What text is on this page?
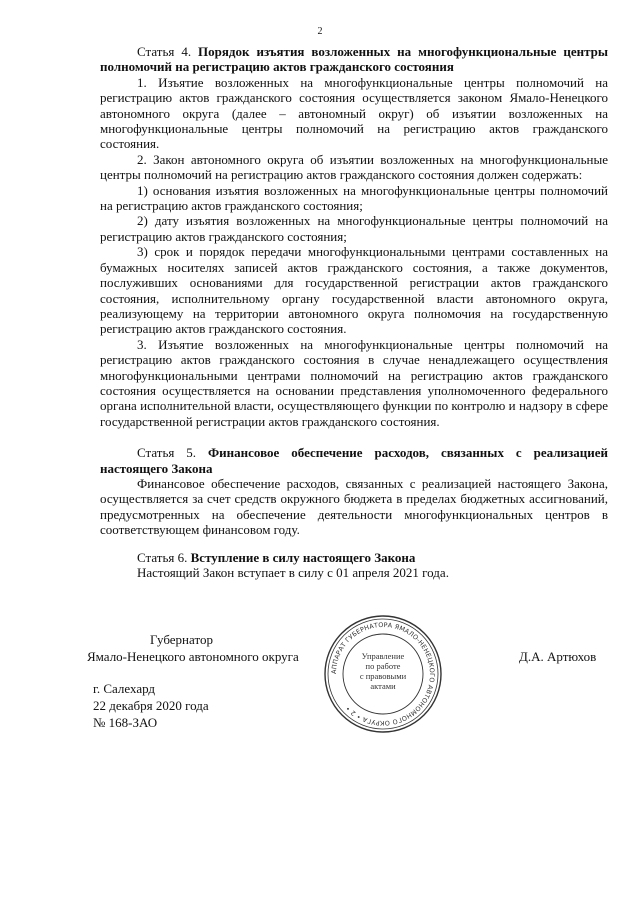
2

Статья 4. Порядок изъятия возложенных на многофункциональные центры полномочий на регистрацию актов гражданского состояния

1. Изъятие возложенных на многофункциональные центры полномочий на регистрацию актов гражданского состояния осуществляется законом Ямало-Ненецкого автономного округа (далее – автономный округ) об изъятии возложенных на многофункциональные центры полномочий на регистрацию актов гражданского состояния.

2. Закон автономного округа об изъятии возложенных на многофункциональные центры полномочий на регистрацию актов гражданского состояния должен содержать:

1) основания изъятия возложенных на многофункциональные центры полномочий на регистрацию актов гражданского состояния;

2) дату изъятия возложенных на многофункциональные центры полномочий на регистрацию актов гражданского состояния;

3) срок и порядок передачи многофункциональными центрами составленных на бумажных носителях записей актов гражданского состояния, а также документов, послуживших основаниями для государственной регистрации актов гражданского состояния, исполнительному органу государственной власти автономного округа, реализующему на территории автономного округа полномочия на государственную регистрацию актов гражданского состояния.

3. Изъятие возложенных на многофункциональные центры полномочий на регистрацию актов гражданского состояния в случае ненадлежащего осуществления многофункциональными центрами полномочий на регистрацию актов гражданского состояния осуществляется на основании представления уполномоченного федерального органа исполнительной власти, осуществляющего функции по контролю и надзору в сфере государственной регистрации актов гражданского состояния.

Статья 5. Финансовое обеспечение расходов, связанных с реализацией настоящего Закона

Финансовое обеспечение расходов, связанных с реализацией настоящего Закона, осуществляется за счет средств окружного бюджета в пределах бюджетных ассигнований, предусмотренных на обеспечение деятельности многофункциональных центров в соответствующем финансовом году.

Статья 6. Вступление в силу настоящего Закона

Настоящий Закон вступает в силу с 01 апреля 2021 года.

Губернатор
Ямало-Ненецкого автономного округа	Д.А. Артюхов
г. Салехард
22 декабря 2020 года
№ 168-ЗАО
АППАРАТ ГУБЕРНАТОРА ЯМАЛО-НЕНЕЦКОГО АВТОНОМНОГО ОКРУГА • 2 •
Управление
по работе
с правовыми
актами
